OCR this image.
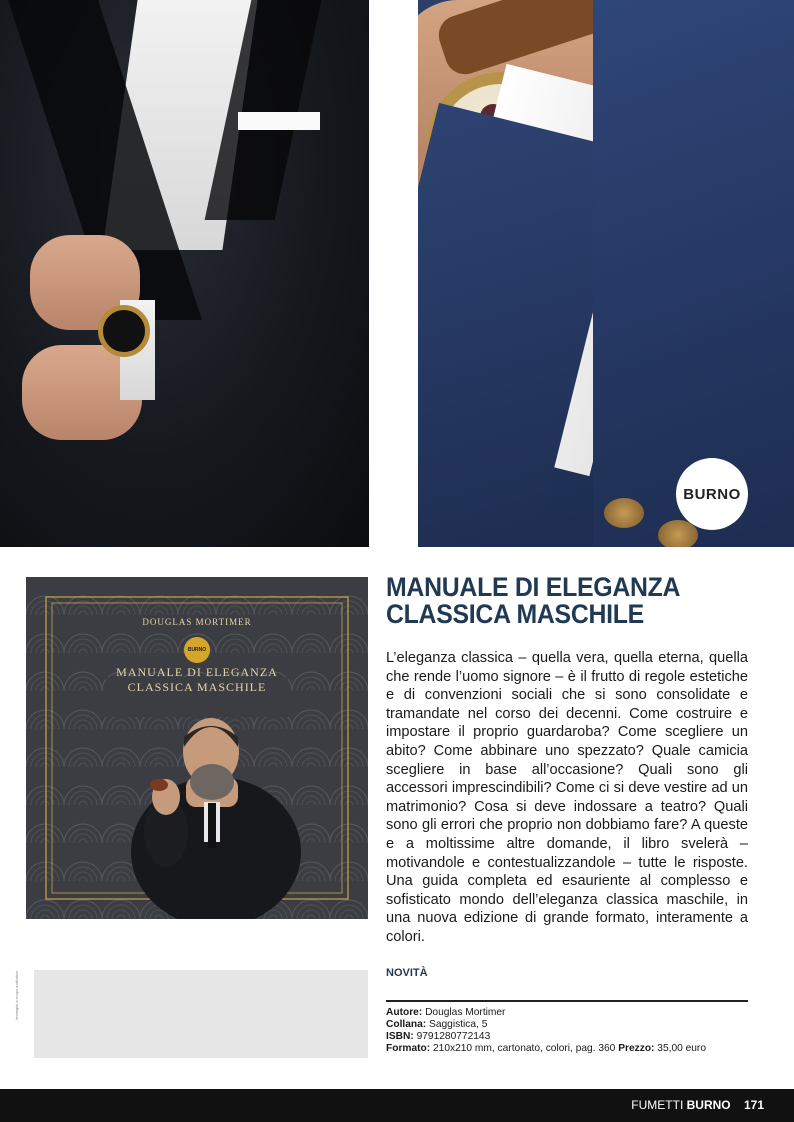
BURNO
DOUGLAS MORTIMER
BURNO
MANUALE DI ELEGANZA
CLASSICA MASCHILE
MANUALE DI ELEGANZA
CLASSICA MASCHILE

L’eleganza classica – quella vera, quella eterna, quella che rende l’uomo signore – è il frutto di regole estetiche e di convenzioni sociali che si sono consolidate e tramandate nel corso dei decenni. Come costruire e impostare il proprio guardaroba? Come scegliere un abito? Come abbinare uno spezzato? Quale camicia scegliere in base all’occasione? Quali sono gli accessori imprescindibili? Come ci si deve vestire ad un matrimonio? Cosa si deve indossare a teatro? Quali sono gli errori che proprio non dobbiamo fare? A queste e a moltissime altre domande, il libro svelerà – motivandole e contestualizzandole – tutte le risposte. Una guida completa ed esauriente al complesso e sofisticato mondo dell’eleganza classica maschile, in una nuova edizione di grande formato, interamente a colori.

NOVITÀ
Autore: Douglas Mortimer
Collana: Saggistica, 5
ISBN: 9791280772143
Formato: 210x210 mm, cartonato, colori, pag. 360 Prezzo: 35,00 euro
Immagini a scopo indicativo
FUMETTI BURNO 171
